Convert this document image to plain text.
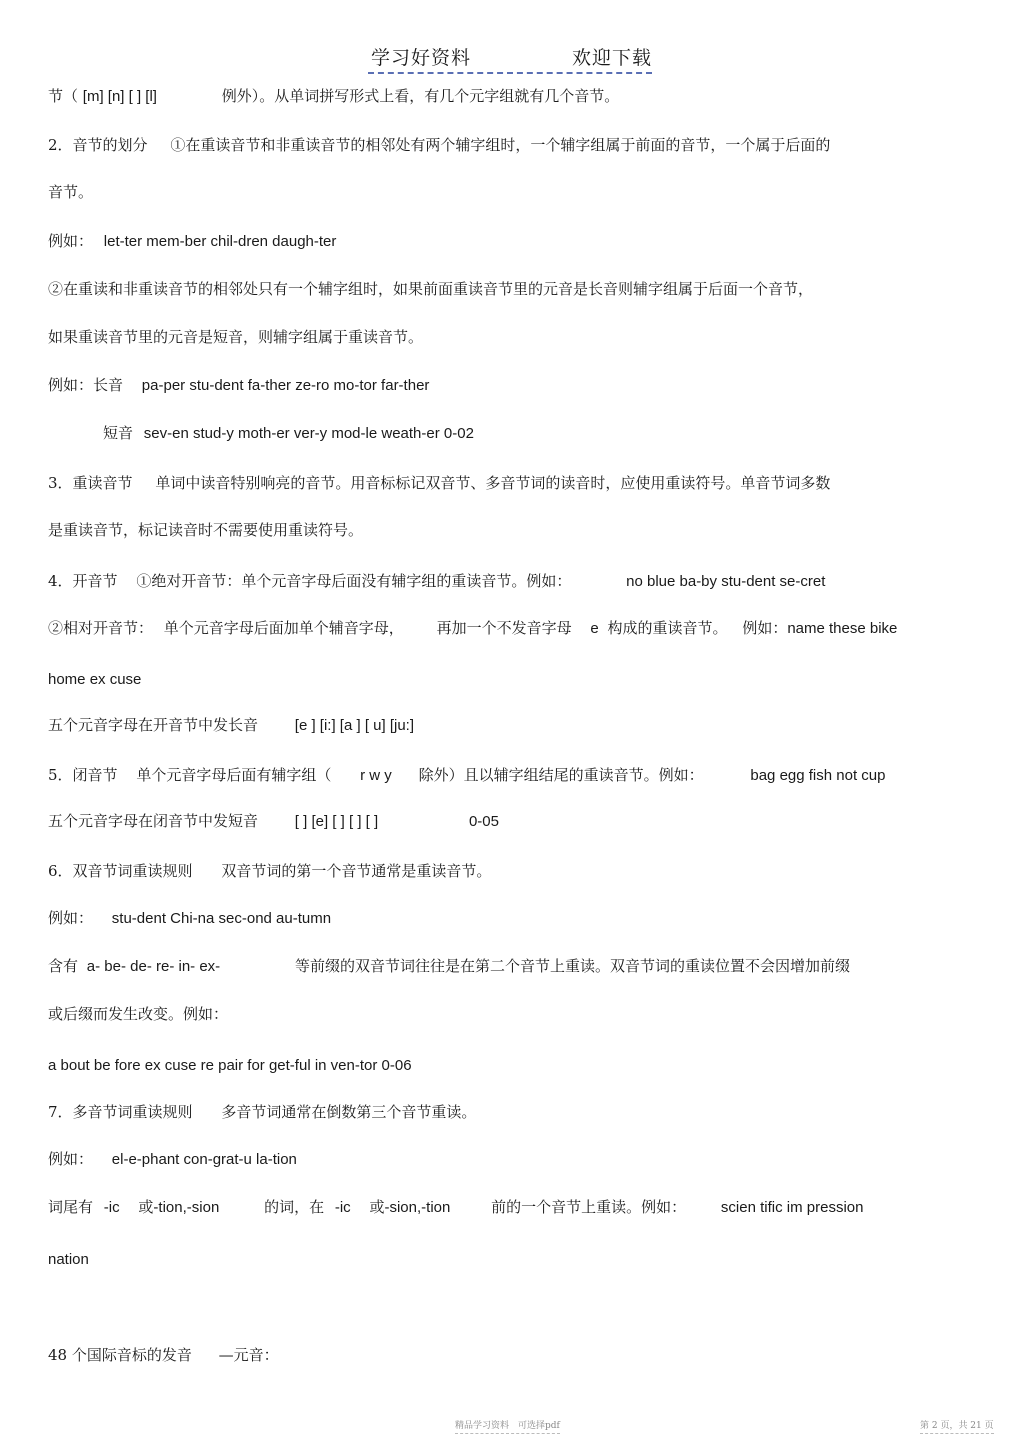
学习好资料	欢迎下载
节（ [m] [n] [ ] [l]	例外）。从单词拼写形式上看，有几个元字组就有几个音节。
2．音节的划分 ①在重读音节和非重读音节的相邻处有两个辅字组时，一个辅字组属于前面的音节，一个属于后面的
音节。
例如： let-ter mem-ber chil-dren daugh-ter
②在重读和非重读音节的相邻处只有一个辅字组时，如果前面重读音节里的元音是长音则辅字组属于后面一个音节，
如果重读音节里的元音是短音，则辅字组属于重读音节。
例如：长音 pa-per stu-dent fa-ther ze-ro mo-tor far-ther
短音 sev-en stud-y moth-er ver-y mod-le weath-er 0-02
3．重读音节 单词中读音特别响亮的音节。用音标标记双音节、多音节词的读音时，应使用重读符号。单音节词多数
是重读音节，标记读音时不需要使用重读符号。
4．开音节 ①绝对开音节：单个元音字母后面没有辅字组的重读音节。例如：	no blue ba-by stu-dent se-cret
②相对开音节： 单个元音字母后面加单个辅音字母， 再加一个不发音字母 e 构成的重读音节。 例如：name these bike
home ex cuse
五个元音字母在开音节中发长音 [e ] [i:] [a ] [ u] [ju:]
5．闭音节 单个元音字母后面有辅字组（ r w y 除外）且以辅字组结尾的重读音节。例如：	bag egg fish not cup
五个元音字母在闭音节中发短音 [ ] [e] [ ] [ ] [ ]	0-05
6．双音节词重读规则 双音节词的第一个音节通常是重读音节。
例如： stu-dent Chi-na sec-ond au-tumn
含有 a- be- de- re- in- ex-	等前缀的双音节词往往是在第二个音节上重读。双音节词的重读位置不会因增加前缀
或后缀而发生改变。例如：
a bout be fore ex cuse re pair for get-ful in ven-tor 0-06
7．多音节词重读规则 多音节词通常在倒数第三个音节重读。
例如： el-e-phant con-grat-u la-tion
词尾有 -ic 或-tion,-sion	的词，在 -ic 或-sion,-tion	前的一个音节上重读。例如： scien tific im pression
nation
48 个国际音标的发音 —元音：
精品学习资料　可选择pdf	第 2 页，共 21 页
